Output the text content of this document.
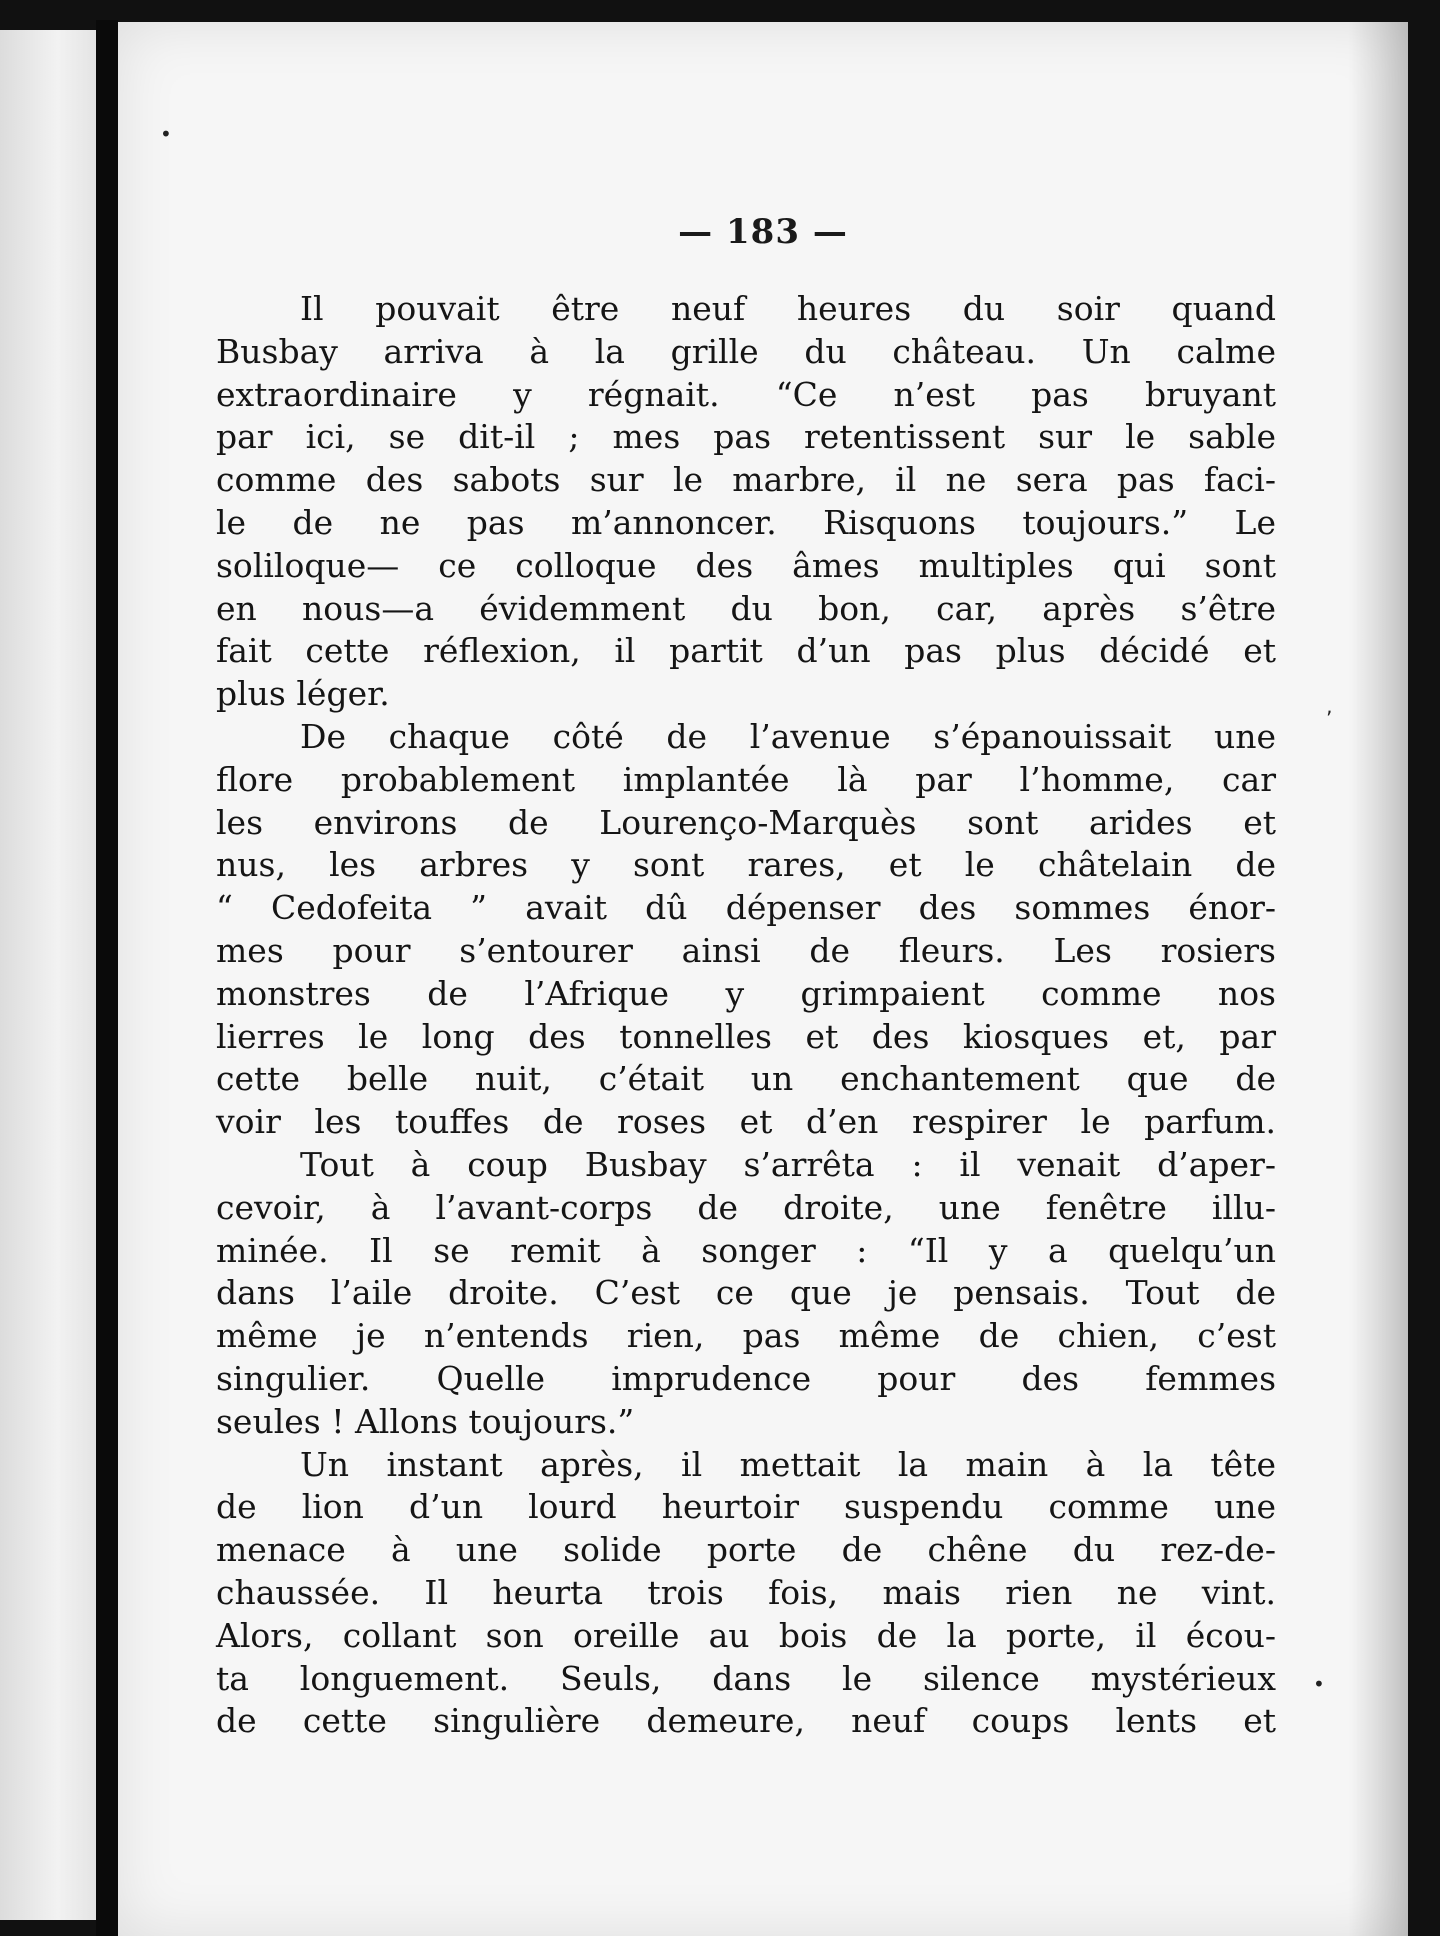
•
•
‚
— 183 —
Il pouvait être neuf heures du soir quand
Busbay arriva à la grille du château. Un calme
extraordinaire y régnait. “Ce n’est pas bruyant
par ici, se dit-il ; mes pas retentissent sur le sable
comme des sabots sur le marbre, il ne sera pas faci-
le de ne pas m’annoncer. Risquons toujours.” Le
soliloque— ce colloque des âmes multiples qui sont
en nous—a évidemment du bon, car, après s’être
fait cette réflexion, il partit d’un pas plus décidé et
plus léger.
De chaque côté de l’avenue s’épanouissait une
flore probablement implantée là par l’homme, car
les environs de Lourenço-Marquès sont arides et
nus, les arbres y sont rares, et le châtelain de
“ Cedofeita ” avait dû dépenser des sommes énor-
mes pour s’entourer ainsi de fleurs. Les rosiers
monstres de l’Afrique y grimpaient comme nos
lierres le long des tonnelles et des kiosques et, par
cette belle nuit, c’était un enchantement que de
voir les touffes de roses et d’en respirer le parfum.
Tout à coup Busbay s’arrêta : il venait d’aper-
cevoir, à l’avant-corps de droite, une fenêtre illu-
minée. Il se remit à songer : “Il y a quelqu’un
dans l’aile droite. C’est ce que je pensais. Tout de
même je n’entends rien, pas même de chien, c’est
singulier. Quelle imprudence pour des femmes
seules ! Allons toujours.”
Un instant après, il mettait la main à la tête
de lion d’un lourd heurtoir suspendu comme une
menace à une solide porte de chêne du rez-de-
chaussée. Il heurta trois fois, mais rien ne vint.
Alors, collant son oreille au bois de la porte, il écou-
ta longuement. Seuls, dans le silence mystérieux
de cette singulière demeure, neuf coups lents et
